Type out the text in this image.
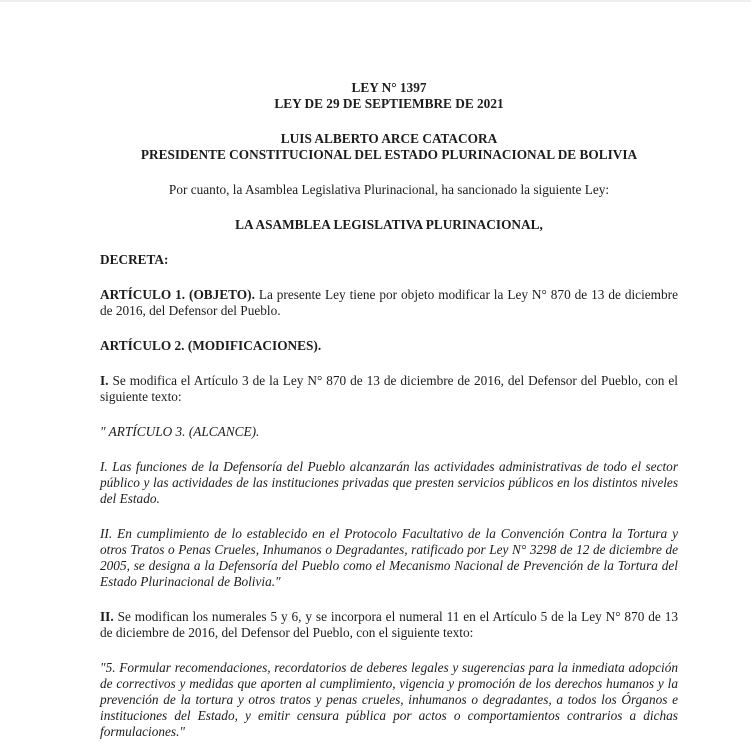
LEY N° 1397
LEY DE 29 DE SEPTIEMBRE DE 2021
LUIS ALBERTO ARCE CATACORA
PRESIDENTE CONSTITUCIONAL DEL ESTADO PLURINACIONAL DE BOLIVIA

Por cuanto, la Asamblea Legislativa Plurinacional, ha sancionado la siguiente Ley:

LA ASAMBLEA LEGISLATIVA PLURINACIONAL,

DECRETA:

ARTÍCULO 1. (OBJETO). La presente Ley tiene por objeto modificar la Ley N° 870 de 13 de diciembre de 2016, del Defensor del Pueblo.

ARTÍCULO 2. (MODIFICACIONES).

I. Se modifica el Artículo 3 de la Ley N° 870 de 13 de diciembre de 2016, del Defensor del Pueblo, con el siguiente texto:

" ARTÍCULO 3. (ALCANCE).

I. Las funciones de la Defensoría del Pueblo alcanzarán las actividades administrativas de todo el sector público y las actividades de las instituciones privadas que presten servicios públicos en los distintos niveles del Estado.

II. En cumplimiento de lo establecido en el Protocolo Facultativo de la Convención Contra la Tortura y otros Tratos o Penas Crueles, Inhumanos o Degradantes, ratificado por Ley N° 3298 de 12 de diciembre de 2005, se designa a la Defensoría del Pueblo como el Mecanismo Nacional de Prevención de la Tortura del Estado Plurinacional de Bolivia."

II. Se modifican los numerales 5 y 6, y se incorpora el numeral 11 en el Artículo 5 de la Ley N° 870 de 13 de diciembre de 2016, del Defensor del Pueblo, con el siguiente texto:

"5. Formular recomendaciones, recordatorios de deberes legales y sugerencias para la inmediata adopción de correctivos y medidas que aporten al cumplimiento, vigencia y promoción de los derechos humanos y la prevención de la tortura y otros tratos y penas crueles, inhumanos o degradantes, a todos los Órganos e instituciones del Estado, y emitir censura pública por actos o comportamientos contrarios a dichas formulaciones."
